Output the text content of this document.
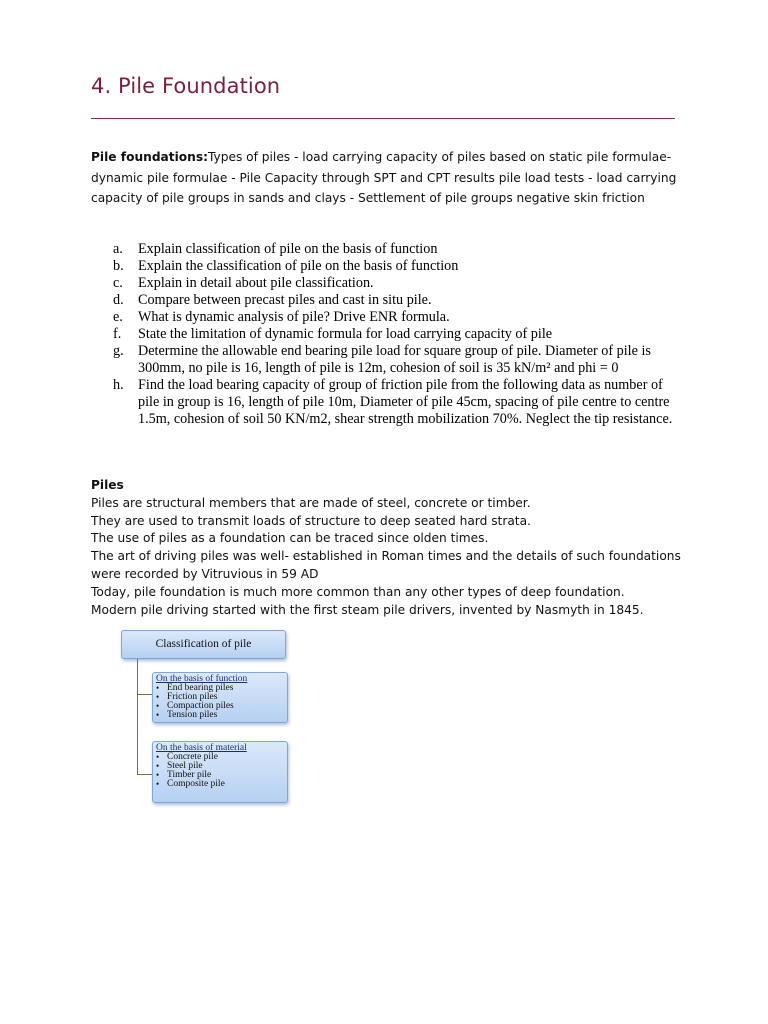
4. Pile Foundation
Pile foundations:Types of piles - load carrying capacity of piles based on static pile formulae-dynamic pile formulae - Pile Capacity through SPT and CPT results pile load tests - load carrying capacity of pile groups in sands and clays - Settlement of pile groups negative skin friction
a. Explain classification of pile on the basis of function
b. Explain the classification of pile on the basis of function
c. Explain in detail about pile classification.
d. Compare between precast piles and cast in situ pile.
e. What is dynamic analysis of pile? Drive ENR formula.
f. State the limitation of dynamic formula for load carrying capacity of pile
g. Determine the allowable end bearing pile load for square group of pile. Diameter of pile is 300mm, no pile is 16, length of pile is 12m, cohesion of soil is 35 kN/m² and phi = 0
h. Find the load bearing capacity of group of friction pile from the following data as number of pile in group is 16, length of pile 10m, Diameter of pile 45cm, spacing of pile centre to centre 1.5m, cohesion of soil 50 KN/m2, shear strength mobilization 70%. Neglect the tip resistance.

Piles

Piles are structural members that are made of steel, concrete or timber.

They are used to transmit loads of structure to deep seated hard strata.

The use of piles as a foundation can be traced since olden times.

The art of driving piles was well- established in Roman times and the details of such foundations were recorded by Vitruvious in 59 AD

Today, pile foundation is much more common than any other types of deep foundation.

Modern pile driving started with the first steam pile drivers, invented by Nasmyth in 1845.

Classification of pile
On the basis of function
• End bearing piles
• Friction piles
• Compaction piles
• Tension piles
On the basis of material
• Concrete pile
• Steel pile
• Timber pile
• Composite pile
